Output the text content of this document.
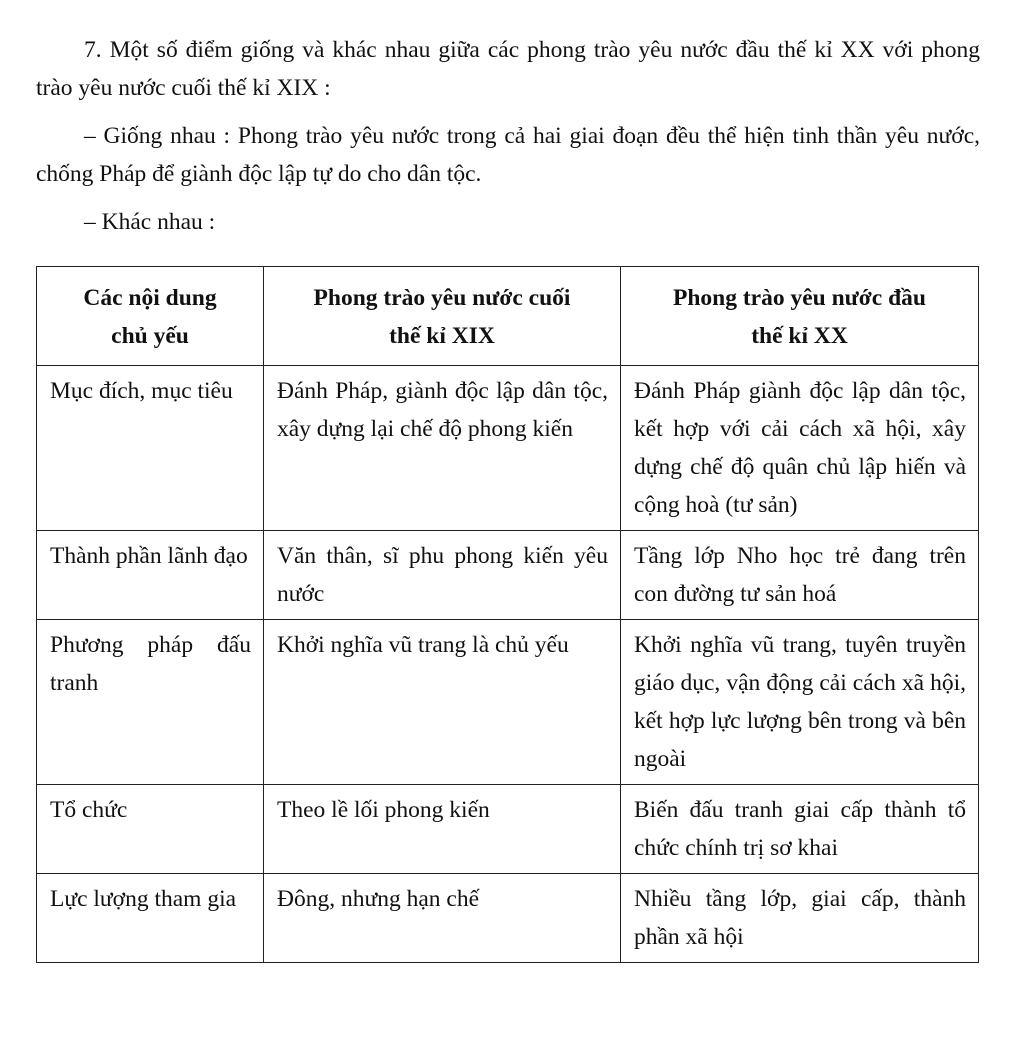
7. Một số điểm giống và khác nhau giữa các phong trào yêu nước đầu thế kỉ XX với phong trào yêu nước cuối thế kỉ XIX :

– Giống nhau : Phong trào yêu nước trong cả hai giai đoạn đều thể hiện tinh thần yêu nước, chống Pháp để giành độc lập tự do cho dân tộc.

– Khác nhau :

Các nội dung chủ yếu	Phong trào yêu nước cuối thế kỉ XIX	Phong trào yêu nước đầu thế kỉ XX
Mục đích, mục tiêu	Đánh Pháp, giành độc lập dân tộc, xây dựng lại chế độ phong kiến	Đánh Pháp giành độc lập dân tộc, kết hợp với cải cách xã hội, xây dựng chế độ quân chủ lập hiến và cộng hoà (tư sản)
Thành phần lãnh đạo	Văn thân, sĩ phu phong kiến yêu nước	Tầng lớp Nho học trẻ đang trên con đường tư sản hoá
Phương pháp đấu tranh	Khởi nghĩa vũ trang là chủ yếu	Khởi nghĩa vũ trang, tuyên truyền giáo dục, vận động cải cách xã hội, kết hợp lực lượng bên trong và bên ngoài
Tổ chức	Theo lề lối phong kiến	Biến đấu tranh giai cấp thành tổ chức chính trị sơ khai
Lực lượng tham gia	Đông, nhưng hạn chế	Nhiều tầng lớp, giai cấp, thành phần xã hội
